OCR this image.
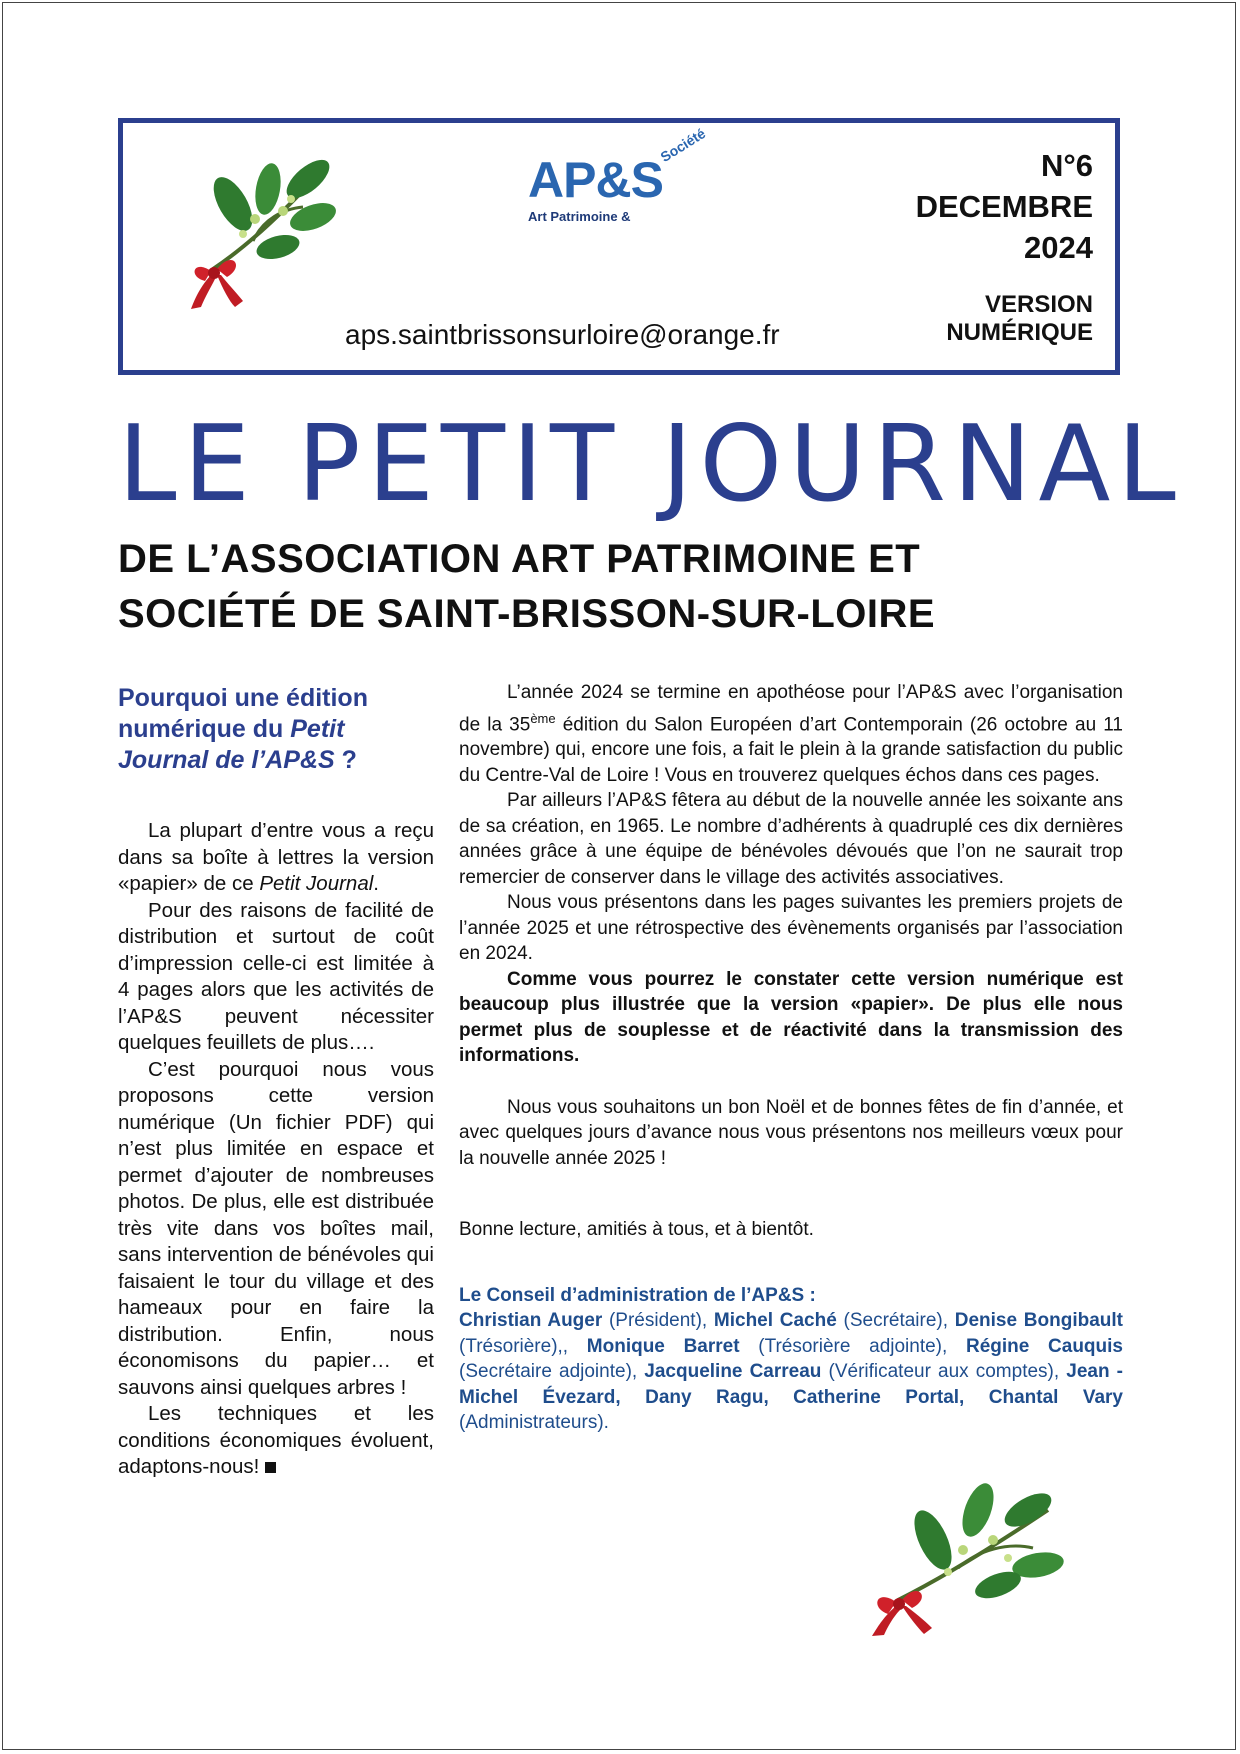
AP&S
Société
Art Patrimoine &
N°6
DECEMBRE
2024
VERSION
NUMÉRIQUE
aps.saintbrissonsurloire@orange.fr
LE PETIT JOURNAL
DE L’ASSOCIATION ART PATRIMOINE ET
SOCIÉTÉ DE SAINT-BRISSON-SUR-LOIRE
Pourquoi une édition numérique du Petit Journal de l’AP&S ?

La plupart d’entre vous a reçu dans sa boîte à lettres la version «papier» de ce Petit Journal.

Pour des raisons de facilité de distribution et surtout de coût d’impression celle-ci est limitée à 4 pages alors que les activités de l’AP&S peuvent nécessiter quelques feuillets de plus….

C’est pourquoi nous vous proposons cette version numérique (Un fichier PDF) qui n’est plus limitée en espace et permet d’ajouter de nombreuses photos. De plus, elle est distribuée très vite dans vos boîtes mail, sans intervention de bénévoles qui faisaient le tour du village et des hameaux pour en faire la distribution. Enfin, nous économisons du papier… et sauvons ainsi quelques arbres !

Les techniques et les conditions économiques évoluent, adaptons-nous!

L’année 2024 se termine en apothéose pour l’AP&S avec l’organisation de la 35ème édition du Salon Européen d’art Contemporain (26 octobre au 11 novembre) qui, encore une fois, a fait le plein à la grande satisfaction du public du Centre-Val de Loire ! Vous en trouverez quelques échos dans ces pages.

Par ailleurs l’AP&S fêtera au début de la nouvelle année les soixante ans de sa création, en 1965. Le nombre d’adhérents à quadruplé ces dix dernières années grâce à une équipe de bénévoles dévoués que l’on ne saurait trop remercier de conserver dans le village des activités associatives.

Nous vous présentons dans les pages suivantes les premiers projets de l’année 2025 et une rétrospective des évènements organisés par l’association en 2024.

Comme vous pourrez le constater cette version numérique est beaucoup plus illustrée que la version «papier». De plus elle nous permet plus de souplesse et de réactivité dans la transmission des informations.

Nous vous souhaitons un bon Noël et de bonnes fêtes de fin d’année, et avec quelques jours d’avance nous vous présentons nos meilleurs vœux pour la nouvelle année 2025 !

Bonne lecture, amitiés à tous, et à bientôt.

Le Conseil d’administration de l’AP&S :
Christian Auger (Président), Michel Caché (Secrétaire), Denise Bongibault (Trésorière),, Monique Barret (Trésorière adjointe), Régine Cauquis (Secrétaire adjointe), Jacqueline Carreau (Vérificateur aux comptes), Jean - Michel Évezard, Dany Ragu, Catherine Portal, Chantal Vary (Administrateurs).
